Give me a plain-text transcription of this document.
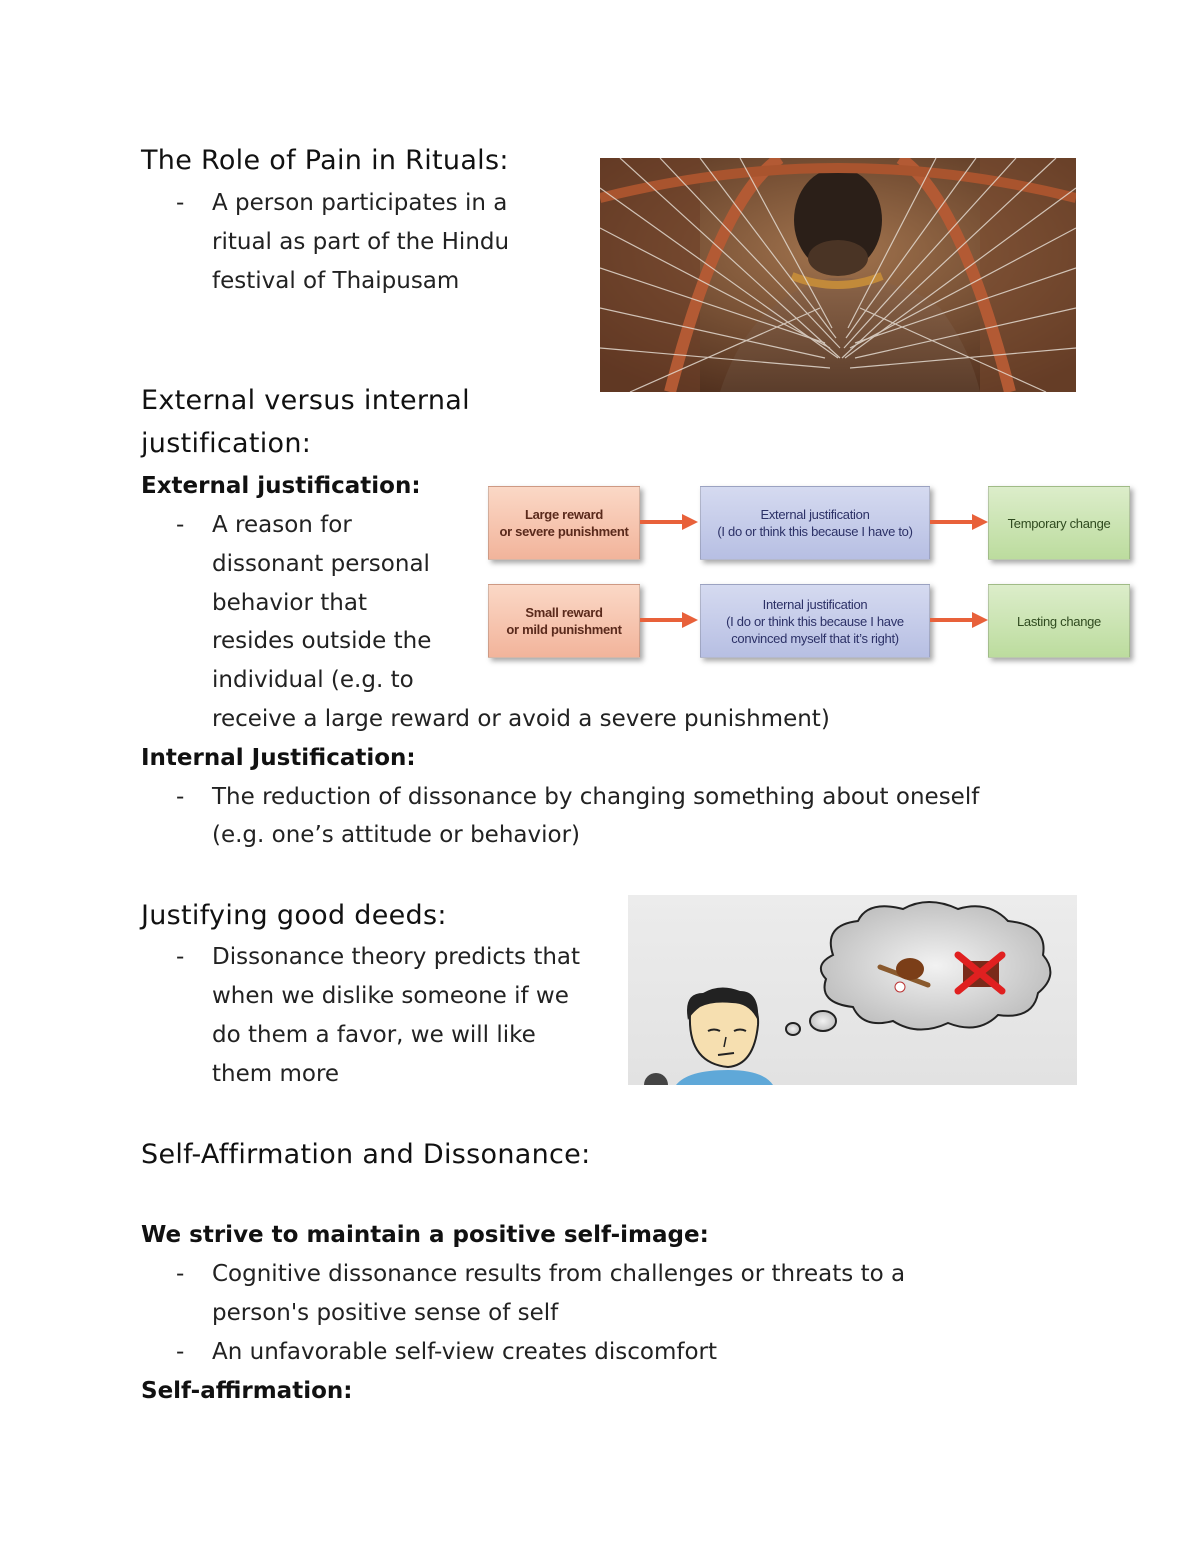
The Role of Pain in Rituals:
- A person participates in a
ritual as part of the Hindu
festival of Thaipusam
External versus internal
justification:
External justification:
- A reason for
dissonant personal
behavior that
resides outside the
individual (e.g. to
receive a large reward or avoid a severe punishment)
Large reward
or severe punishment
External justification
(I do or think this because I have to)
Temporary change
Small reward
or mild punishment
Internal justification
(I do or think this because I have
convinced myself that it’s right)
Lasting change
Internal Justification:
- The reduction of dissonance by changing something about oneself
(e.g. one’s attitude or behavior)
Justifying good deeds:
- Dissonance theory predicts that
when we dislike someone if we
do them a favor, we will like
them more
Self-Affirmation and Dissonance:
We strive to maintain a positive self-image:
- Cognitive dissonance results from challenges or threats to a
person's positive sense of self
- An unfavorable self-view creates discomfort
Self-affirmation:
